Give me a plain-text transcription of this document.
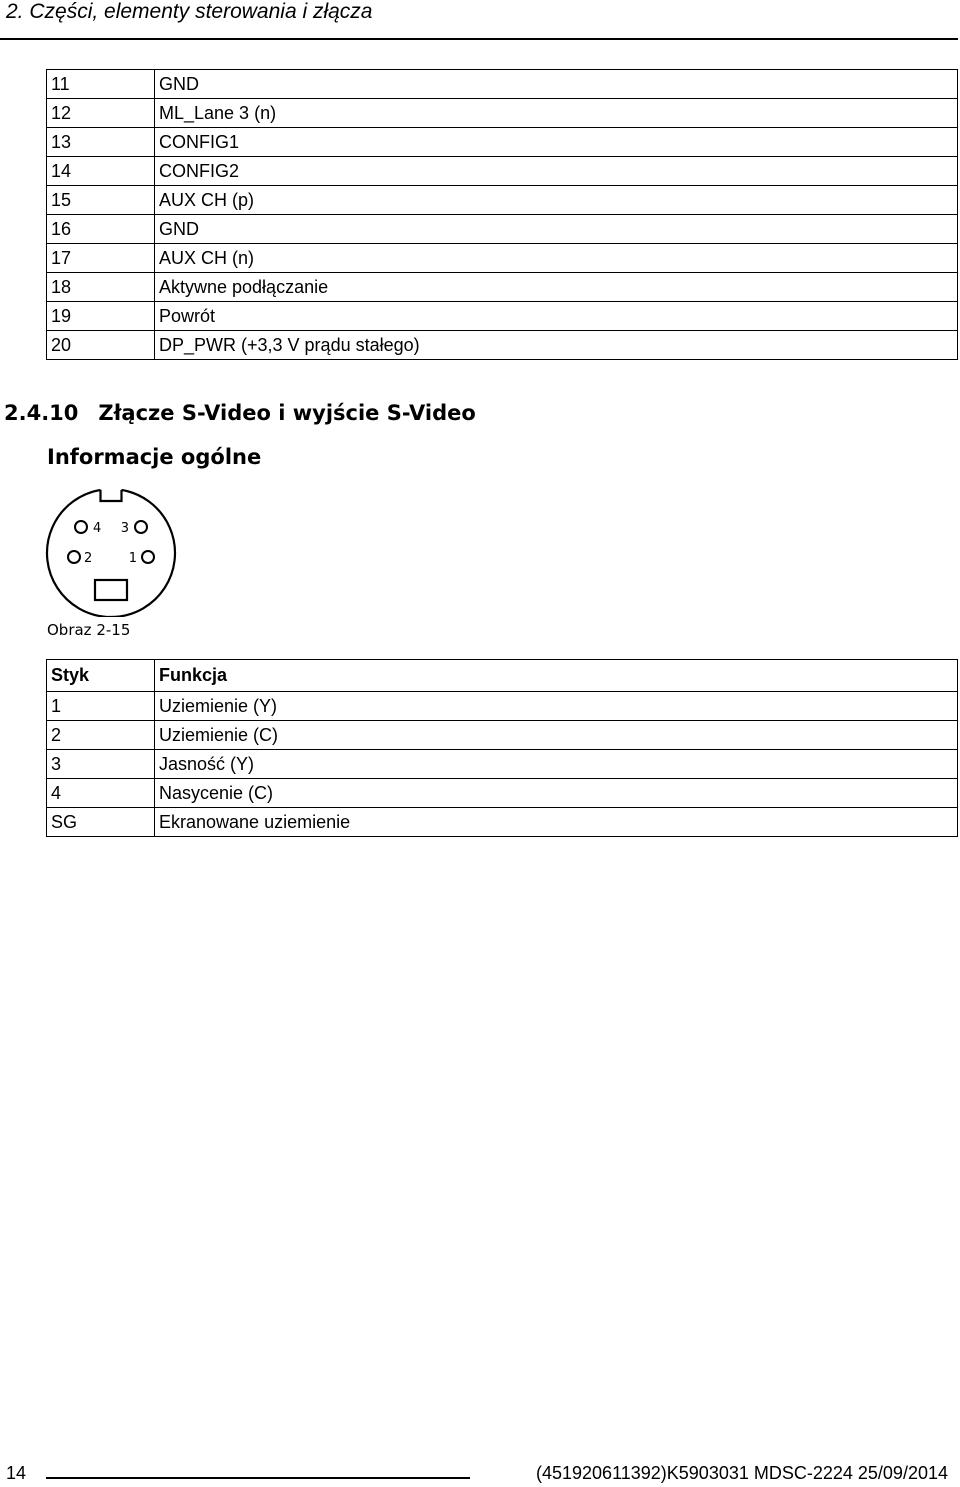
2. Części, elementy sterowania i złącza
11	GND
12	ML_Lane 3 (n)
13	CONFIG1
14	CONFIG2
15	AUX CH (p)
16	GND
17	AUX CH (n)
18	Aktywne podłączanie
19	Powrót
20	DP_PWR (+3,3 V prądu stałego)
2.4.10 Złącze S-Video i wyjście S-Video
Informacje ogólne
4 3
2	1
Obraz 2-15
Styk	Funkcja
1	Uziemienie (Y)
2	Uziemienie (C)
3	Jasność (Y)
4	Nasycenie (C)
SG	Ekranowane uziemienie
14	(451920611392)K5903031 MDSC-2224 25/09/2014
